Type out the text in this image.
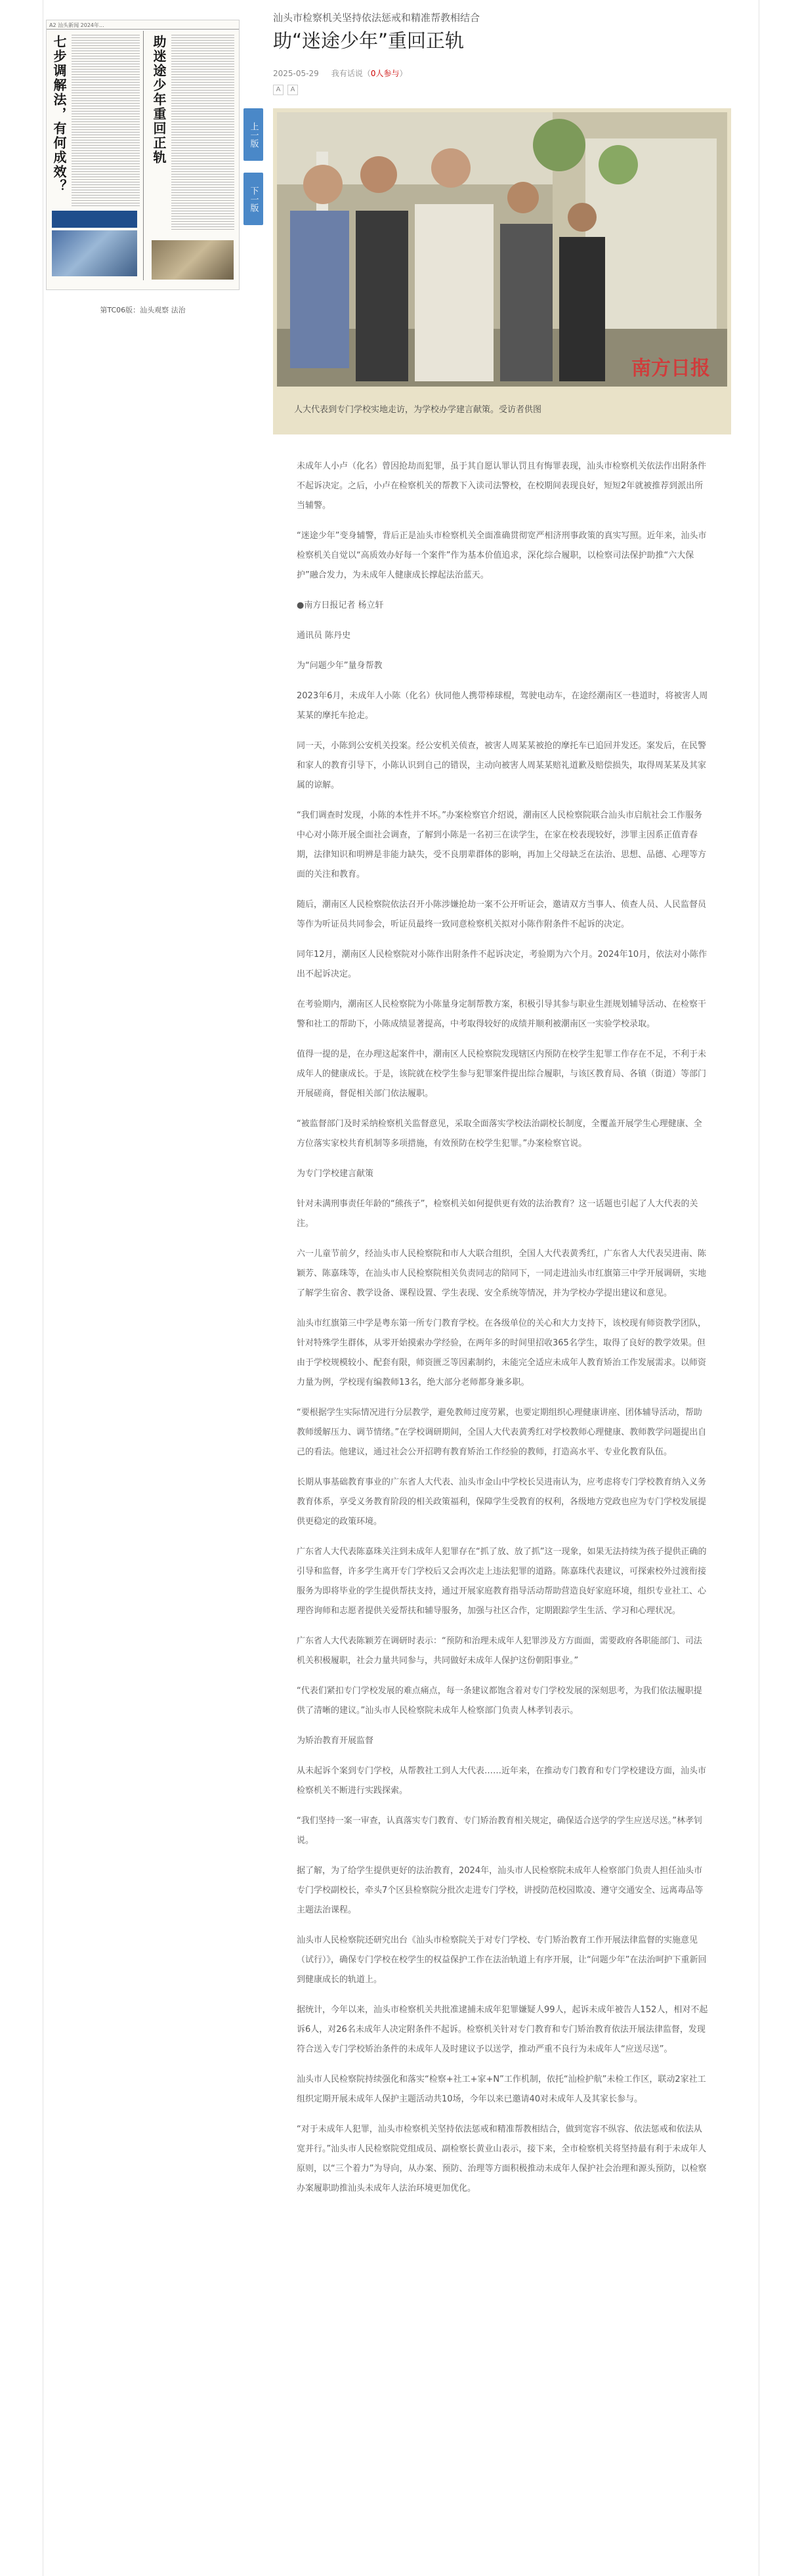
A2 汕头新闻 2024年...
七步调解法，有何成效？	助迷途少年重回正轨
第TC06版：汕头观察 法治
上一版
下一版
汕头市检察机关坚持依法惩戒和精准帮教相结合
助“迷途少年”重回正轨
2025-05-29 我有话说（0人参与）
A A
南方日报
人大代表到专门学校实地走访，为学校办学建言献策。受访者供图

未成年人小卢（化名）曾因抢劫而犯罪，虽于其自愿认罪认罚且有悔罪表现，汕头市检察机关依法作出附条件不起诉决定。之后，小卢在检察机关的帮教下入读司法警校，在校期间表现良好，短短2年就被推荐到派出所当辅警。

“迷途少年”变身辅警，背后正是汕头市检察机关全面准确贯彻宽严相济刑事政策的真实写照。近年来，汕头市检察机关自觉以“高质效办好每一个案件”作为基本价值追求，深化综合履职，以检察司法保护助推“六大保护”融合发力，为未成年人健康成长撑起法治蓝天。

●南方日报记者 杨立轩

通讯员 陈丹史

为“问题少年”量身帮教

2023年6月，未成年人小陈（化名）伙同他人携带棒球棍，驾驶电动车，在途经潮南区一巷道时，将被害人周某某的摩托车抢走。

同一天，小陈到公安机关投案。经公安机关侦查，被害人周某某被抢的摩托车已追回并发还。案发后，在民警和家人的教育引导下，小陈认识到自己的错误，主动向被害人周某某赔礼道歉及赔偿损失，取得周某某及其家属的谅解。

“我们调查时发现，小陈的本性并不坏。”办案检察官介绍说，潮南区人民检察院联合汕头市启航社会工作服务中心对小陈开展全面社会调查，了解到小陈是一名初三在读学生，在家在校表现较好，涉罪主因系正值青春期，法律知识和明辨是非能力缺失，受不良朋辈群体的影响，再加上父母缺乏在法治、思想、品德、心理等方面的关注和教育。

随后，潮南区人民检察院依法召开小陈涉嫌抢劫一案不公开听证会，邀请双方当事人、侦查人员、人民监督员等作为听证员共同参会，听证员最终一致同意检察机关拟对小陈作附条件不起诉的决定。

同年12月，潮南区人民检察院对小陈作出附条件不起诉决定，考验期为六个月。2024年10月，依法对小陈作出不起诉决定。

在考验期内，潮南区人民检察院为小陈量身定制帮教方案，积极引导其参与职业生涯规划辅导活动、在检察干警和社工的帮助下，小陈成绩显著提高，中考取得较好的成绩并顺利被潮南区一实验学校录取。

值得一提的是，在办理这起案件中，潮南区人民检察院发现辖区内预防在校学生犯罪工作存在不足，不利于未成年人的健康成长。于是，该院就在校学生参与犯罪案件提出综合履职，与该区教育局、各镇（街道）等部门开展磋商，督促相关部门依法履职。

“被监督部门及时采纳检察机关监督意见，采取全面落实学校法治副校长制度，全覆盖开展学生心理健康、全方位落实家校共育机制等多项措施，有效预防在校学生犯罪。”办案检察官说。

为专门学校建言献策

针对未满刑事责任年龄的“熊孩子”，检察机关如何提供更有效的法治教育？这一话题也引起了人大代表的关注。

六一儿童节前夕，经汕头市人民检察院和市人大联合组织，全国人大代表黄秀红，广东省人大代表吴进南、陈颖芳、陈嘉珠等，在汕头市人民检察院相关负责同志的陪同下，一同走进汕头市红旗第三中学开展调研，实地了解学生宿舍、教学设备、课程设置、学生表现、安全系统等情况，并为学校办学提出建议和意见。

汕头市红旗第三中学是粤东第一所专门教育学校。在各级单位的关心和大力支持下，该校现有师资教学团队，针对特殊学生群体，从零开始摸索办学经验，在两年多的时间里招收365名学生，取得了良好的教学效果。但由于学校规模较小、配套有限，师资匮乏等因素制约，未能完全适应未成年人教育矫治工作发展需求。以师资力量为例，学校现有编教师13名，绝大部分老师都身兼多职。

“要根据学生实际情况进行分层教学，避免教师过度劳累，也要定期组织心理健康讲座、团体辅导活动，帮助教师缓解压力、调节情绪。”在学校调研期间，全国人大代表黄秀红对学校教师心理健康、教师教学问题提出自己的看法。他建议，通过社会公开招聘有教育矫治工作经验的教师，打造高水平、专业化教育队伍。

长期从事基础教育事业的广东省人大代表、汕头市金山中学校长吴进南认为，应考虑将专门学校教育纳入义务教育体系，享受义务教育阶段的相关政策福利，保障学生受教育的权利，各级地方党政也应为专门学校发展提供更稳定的政策环境。

广东省人大代表陈嘉珠关注到未成年人犯罪存在“抓了放、放了抓”这一现象，如果无法持续为孩子提供正确的引导和监督，许多学生离开专门学校后又会再次走上违法犯罪的道路。陈嘉珠代表建议，可探索校外过渡衔接服务为即将毕业的学生提供帮扶支持，通过开展家庭教育指导活动帮助营造良好家庭环境，组织专业社工、心理咨询师和志愿者提供关爱帮扶和辅导服务，加强与社区合作，定期跟踪学生生活、学习和心理状况。

广东省人大代表陈颖芳在调研时表示：“预防和治理未成年人犯罪涉及方方面面，需要政府各职能部门、司法机关积极履职，社会力量共同参与，共同做好未成年人保护这份朝阳事业。”

“代表们紧扣专门学校发展的难点痛点，每一条建议都饱含着对专门学校发展的深刻思考，为我们依法履职提供了清晰的建议。”汕头市人民检察院未成年人检察部门负责人林孝钊表示。

为矫治教育开展监督

从未起诉个案到专门学校，从帮教社工到人大代表……近年来，在推动专门教育和专门学校建设方面，汕头市检察机关不断进行实践探索。

“我们坚持一案一审查，认真落实专门教育、专门矫治教育相关规定，确保适合送学的学生应送尽送。”林孝钊说。

据了解，为了给学生提供更好的法治教育，2024年，汕头市人民检察院未成年人检察部门负责人担任汕头市专门学校副校长，牵头7个区县检察院分批次走进专门学校，讲授防范校园欺凌、遵守交通安全、远离毒品等主题法治课程。

汕头市人民检察院还研究出台《汕头市检察院关于对专门学校、专门矫治教育工作开展法律监督的实施意见（试行）》，确保专门学校在校学生的权益保护工作在法治轨道上有序开展，让“问题少年”在法治呵护下重新回到健康成长的轨道上。

据统计，今年以来，汕头市检察机关共批准逮捕未成年犯罪嫌疑人99人，起诉未成年被告人152人，相对不起诉6人，对26名未成年人决定附条件不起诉。检察机关针对专门教育和专门矫治教育依法开展法律监督，发现符合送入专门学校矫治条件的未成年人及时建议予以送学，推动严重不良行为未成年人“应送尽送”。

汕头市人民检察院持续强化和落实“检察+社工+家+N”工作机制，依托“汕检护航”未检工作区，联动2家社工组织定期开展未成年人保护主题活动共10场，今年以来已邀请40对未成年人及其家长参与。

“对于未成年人犯罪，汕头市检察机关坚持依法惩戒和精准帮教相结合，做到宽容不纵容、依法惩戒和依法从宽并行。”汕头市人民检察院党组成员、副检察长黄业山表示，接下来，全市检察机关将坚持最有利于未成年人原则，以“三个着力”为导向，从办案、预防、治理等方面积极推动未成年人保护社会治理和源头预防，以检察办案履职助推汕头未成年人法治环境更加优化。
